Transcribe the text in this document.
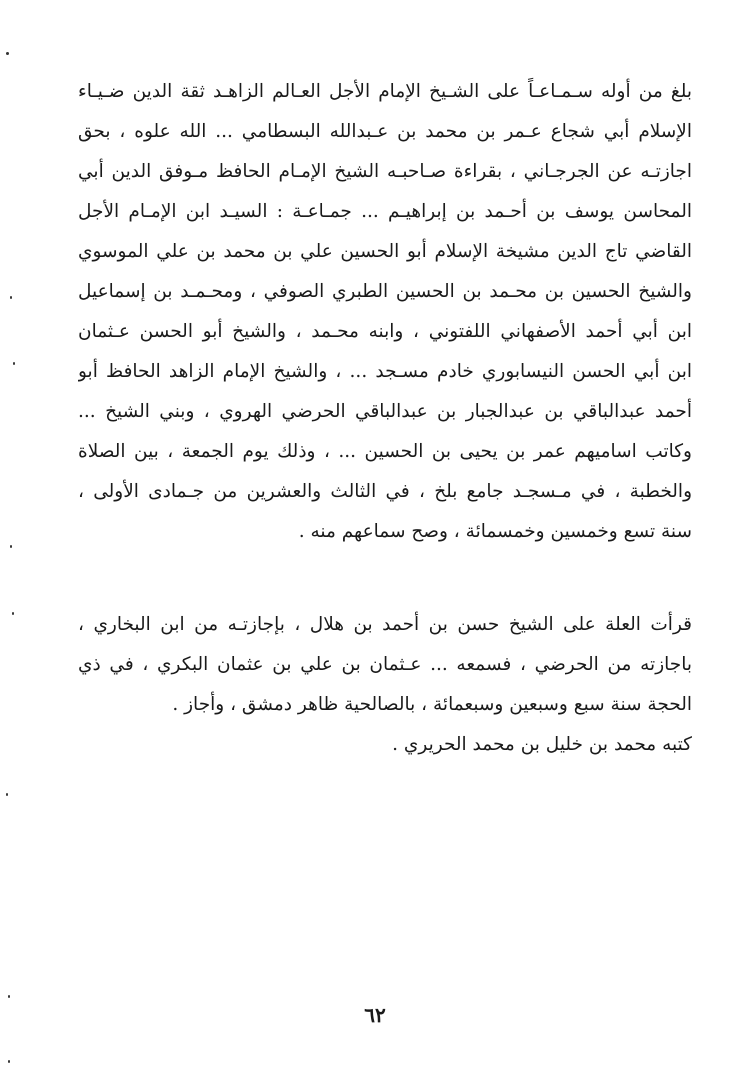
بلغ من أوله سـمـاعـاً على الشـيخ الإمام الأجل العـالم الزاهـد ثقة الدين ضـيـاء
الإسلام أبي شجاع عـمر بن محمد بن عـبدالله البسطامي ... الله علوه ، بحق
اجازتـه عن الجرجـاني ، بقراءة صـاحبـه الشيخ الإمـام الحافظ مـوفق الدين أبي
المحاسن يوسف بن أحـمد بن إبراهيـم ... جمـاعـة : السيـد ابن الإمـام الأجل
القاضي تاج الدين مشيخة الإسلام أبو الحسين علي بن محمد بن علي الموسوي
والشيخ الحسين بن محـمد بن الحسين الطبري الصوفي ، ومحـمـد بن إسماعيل
ابن أبي أحمد الأصفهاني اللفتوني ، وابنه محـمد ، والشيخ أبو الحسن عـثمان
ابن أبي الحسن النيسابوري خادم مسـجد ... ، والشيخ الإمام الزاهد الحافظ أبو
أحمد عبدالباقي بن عبدالجبار بن عبدالباقي الحرضي الهروي ، وبني الشيخ ...
وكاتب اساميهم عمر بن يحيى بن الحسين ... ، وذلك يوم الجمعة ، بين الصلاة
والخطبة ، في مـسجـد جامع بلخ ، في الثالث والعشرين من جـمادى الأولى ،
سنة تسع وخمسين وخمسمائة ، وصح سماعهم منه .
قرأت العلة على الشيخ حسن بن أحمد بن هلال ، بإجازتـه من ابن البخاري ،
باجازته من الحرضي ، فسمعه ... عـثمان بن علي بن عثمان البكري ، في ذي
الحجة سنة سبع وسبعين وسبعمائة ، بالصالحية ظاهر دمشق ، وأجاز .
كتبه محمد بن خليل بن محمد الحريري .
٦٢
